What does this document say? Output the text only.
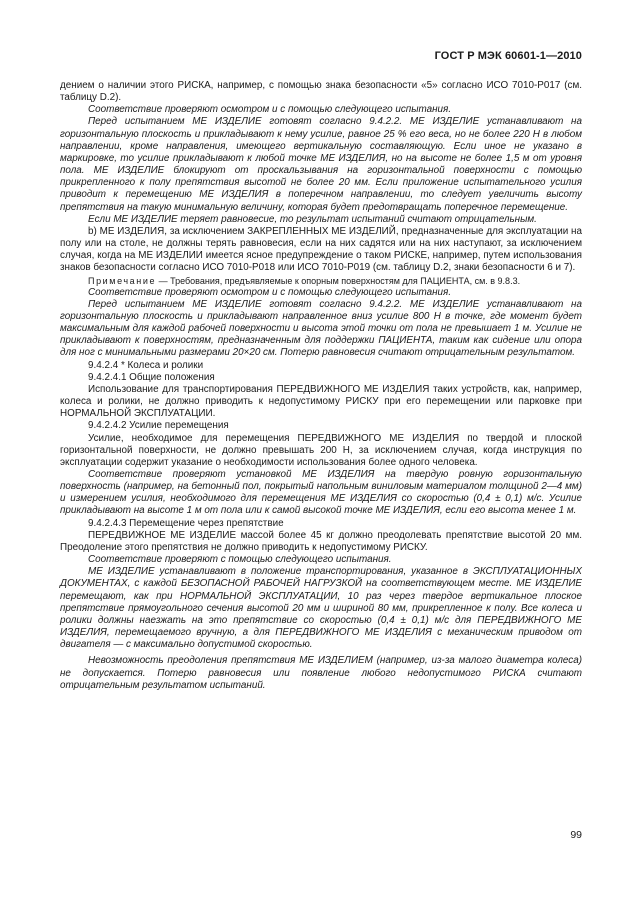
ГОСТ Р МЭК 60601-1—2010

дением о наличии этого РИСКА, например, с помощью знака безопасности «5» согласно ИСО 7010-Р017 (см. таблицу D.2).

Соответствие проверяют осмотром и с помощью следующего испытания.

Перед испытанием МЕ ИЗДЕЛИЕ готовят согласно 9.4.2.2. МЕ ИЗДЕЛИЕ устанавливают на горизонтальную плоскость и прикладывают к нему усилие, равное 25 % его веса, но не более 220 Н в любом направлении, кроме направления, имеющего вертикальную составляющую. Если иное не указано в маркировке, то усилие прикладывают к любой точке МЕ ИЗДЕЛИЯ, но на высоте не более 1,5 м от уровня пола. МЕ ИЗДЕЛИЕ блокируют от проскальзывания на горизонтальной поверхности с помощью прикрепленного к полу препятствия высотой не более 20 мм. Если приложение испытательного усилия приводит к перемещению МЕ ИЗДЕЛИЯ в поперечном направлении, то следует увеличить высоту препятствия на такую минимальную величину, которая будет предотвращать поперечное перемещение.

Если МЕ ИЗДЕЛИЕ теряет равновесие, то результат испытаний считают отрицательным.

b) МЕ ИЗДЕЛИЯ, за исключением ЗАКРЕПЛЕННЫХ МЕ ИЗДЕЛИЙ, предназначенные для эксплуатации на полу или на столе, не должны терять равновесия, если на них садятся или на них наступают, за исключением случая, когда на МЕ ИЗДЕЛИИ имеется ясное предупреждение о таком РИСКЕ, например, путем использования знаков безопасности согласно ИСО 7010-Р018 или ИСО 7010-Р019 (см. таблицу D.2, знаки безопасности 6 и 7).

Примечание — Требования, предъявляемые к опорным поверхностям для ПАЦИЕНТА, см. в 9.8.3.

Соответствие проверяют осмотром и с помощью следующего испытания.

Перед испытанием МЕ ИЗДЕЛИЕ готовят согласно 9.4.2.2. МЕ ИЗДЕЛИЕ устанавливают на горизонтальную плоскость и прикладывают направленное вниз усилие 800 Н в точке, где момент будет максимальным для каждой рабочей поверхности и высота этой точки от пола не превышает 1 м. Усилие не прикладывают к поверхностям, предназначенным для поддержки ПАЦИЕНТА, таким как сидение или опора для ног с минимальными размерами 20×20 см. Потерю равновесия считают отрицательным результатом.

9.4.2.4 * Колеса и ролики

9.4.2.4.1 Общие положения

Использование для транспортирования ПЕРЕДВИЖНОГО МЕ ИЗДЕЛИЯ таких устройств, как, например, колеса и ролики, не должно приводить к недопустимому РИСКУ при его перемещении или парковке при НОРМАЛЬНОЙ ЭКСПЛУАТАЦИИ.

9.4.2.4.2 Усилие перемещения

Усилие, необходимое для перемещения ПЕРЕДВИЖНОГО МЕ ИЗДЕЛИЯ по твердой и плоской горизонтальной поверхности, не должно превышать 200 Н, за исключением случая, когда инструкция по эксплуатации содержит указание о необходимости использования более одного человека.

Соответствие проверяют установкой МЕ ИЗДЕЛИЯ на твердую ровную горизонтальную поверхность (например, на бетонный пол, покрытый напольным виниловым материалом толщиной 2—4 мм) и измерением усилия, необходимого для перемещения МЕ ИЗДЕЛИЯ со скоростью (0,4 ± 0,1) м/с. Усилие прикладывают на высоте 1 м от пола или к самой высокой точке МЕ ИЗДЕЛИЯ, если его высота менее 1 м.

9.4.2.4.3 Перемещение через препятствие

ПЕРЕДВИЖНОЕ МЕ ИЗДЕЛИЕ массой более 45 кг должно преодолевать препятствие высотой 20 мм. Преодоление этого препятствия не должно приводить к недопустимому РИСКУ.

Соответствие проверяют с помощью следующего испытания.

МЕ ИЗДЕЛИЕ устанавливают в положение транспортирования, указанное в ЭКСПЛУАТАЦИОННЫХ ДОКУМЕНТАХ, с каждой БЕЗОПАСНОЙ РАБОЧЕЙ НАГРУЗКОЙ на соответствующем месте. МЕ ИЗДЕЛИЕ перемещают, как при НОРМАЛЬНОЙ ЭКСПЛУАТАЦИИ, 10 раз через твердое вертикальное плоское препятствие прямоугольного сечения высотой 20 мм и шириной 80 мм, прикрепленное к полу. Все колеса и ролики должны наезжать на это препятствие со скоростью (0,4 ± 0,1) м/с для ПЕРЕДВИЖНОГО МЕ ИЗДЕЛИЯ, перемещаемого вручную, а для ПЕРЕДВИЖНОГО МЕ ИЗДЕЛИЯ с механическим приводом от двигателя — с максимально допустимой скоростью.

Невозможность преодоления препятствия МЕ ИЗДЕЛИЕМ (например, из-за малого диаметра колеса) не допускается. Потерю равновесия или появление любого недопустимого РИСКА считают отрицательным результатом испытаний.

99
